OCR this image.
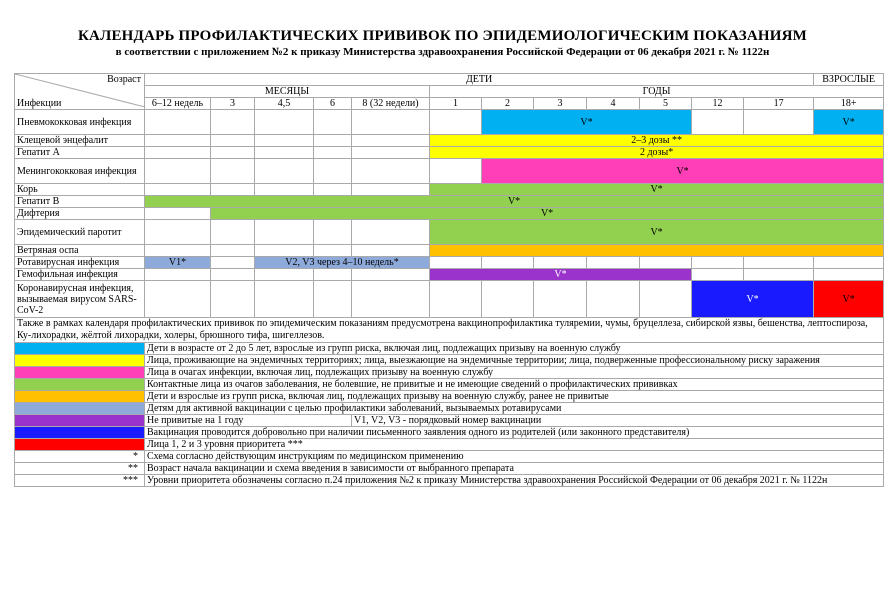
КАЛЕНДАРЬ ПРОФИЛАКТИЧЕСКИХ ПРИВИВОК ПО ЭПИДЕМИОЛОГИЧЕСКИМ ПОКАЗАНИЯМ
в соответствии с приложением №2 к приказу Министерства здравоохранения Российской Федерации от 06 декабря 2021 г. № 1122н
Возраст
Инфекции	ДЕТИ												ВЗРОСЛЫЕ
	МЕСЯЦЫ					ГОДЫ							
	6–12 недель	3	4,5	6	8 (32 недели)	1	2	3	4	5	12	17	18+
Пневмококковая инфекция							V*						V*
Клещевой энцефалит						2–3 дозы **							
Гепатит А						2 дозы*							
Менингококковая инфекция							V*						
Корь						V*							
Гепатит В	V*												
Дифтерия		V*											
Эпидемический паротит						V*							
Ветряная оспа													
Ротавирусная инфекция	V1*		V2, V3 через 4–10 недель*										
Гемофильная инфекция						V*							
Коронавирусная инфекция, вызываемая вирусом SARS-CoV-2											V*		V*
Также в рамках календаря профилактических прививок по эпидемическим показаниям предусмотрена вакцинопрофилактика туляремии, чумы, бруцеллеза, сибирской язвы, бешенства, лептоспироза, Ку-лихорадки, жёлтой лихорадки, холеры, брюшного тифа, шигеллезов.													
	Дети в возрасте от 2 до 5 лет, взрослые из групп риска, включая лиц, подлежащих призыву на военную службу												
	Лица, проживающие на эндемичных территориях; лица, выезжающие на эндемичные территории; лица, подверженные профессиональному риску заражения												
	Лица в очагах инфекции, включая лиц, подлежащих призыву на военную службу												
	Контактные лица из очагов заболевания, не болевшие, не привитые и не имеющие сведений о профилактических прививках												
	Дети и взрослые из групп риска, включая лиц, подлежащих призыву на военную службу, ранее не привитые												
	Детям для активной вакцинации с целью профилактики заболеваний, вызываемых ротавирусами												
	Не привитые на 1 году				V1, V2, V3 - порядковый номер вакцинации								
	Вакцинация проводится добровольно при наличии письменного заявления одного из родителей (или законного представителя)												
	Лица 1, 2 и 3 уровня приоритета ***												
*	Схема согласно действующим инструкциям по медицинском применению												
**	Возраст начала вакцинации и схема введения в зависимости от выбранного препарата												
***	Уровни приоритета обозначены согласно п.24 приложения №2 к приказу Министерства здравоохранения Российской Федерации от 06 декабря 2021 г. № 1122н												
